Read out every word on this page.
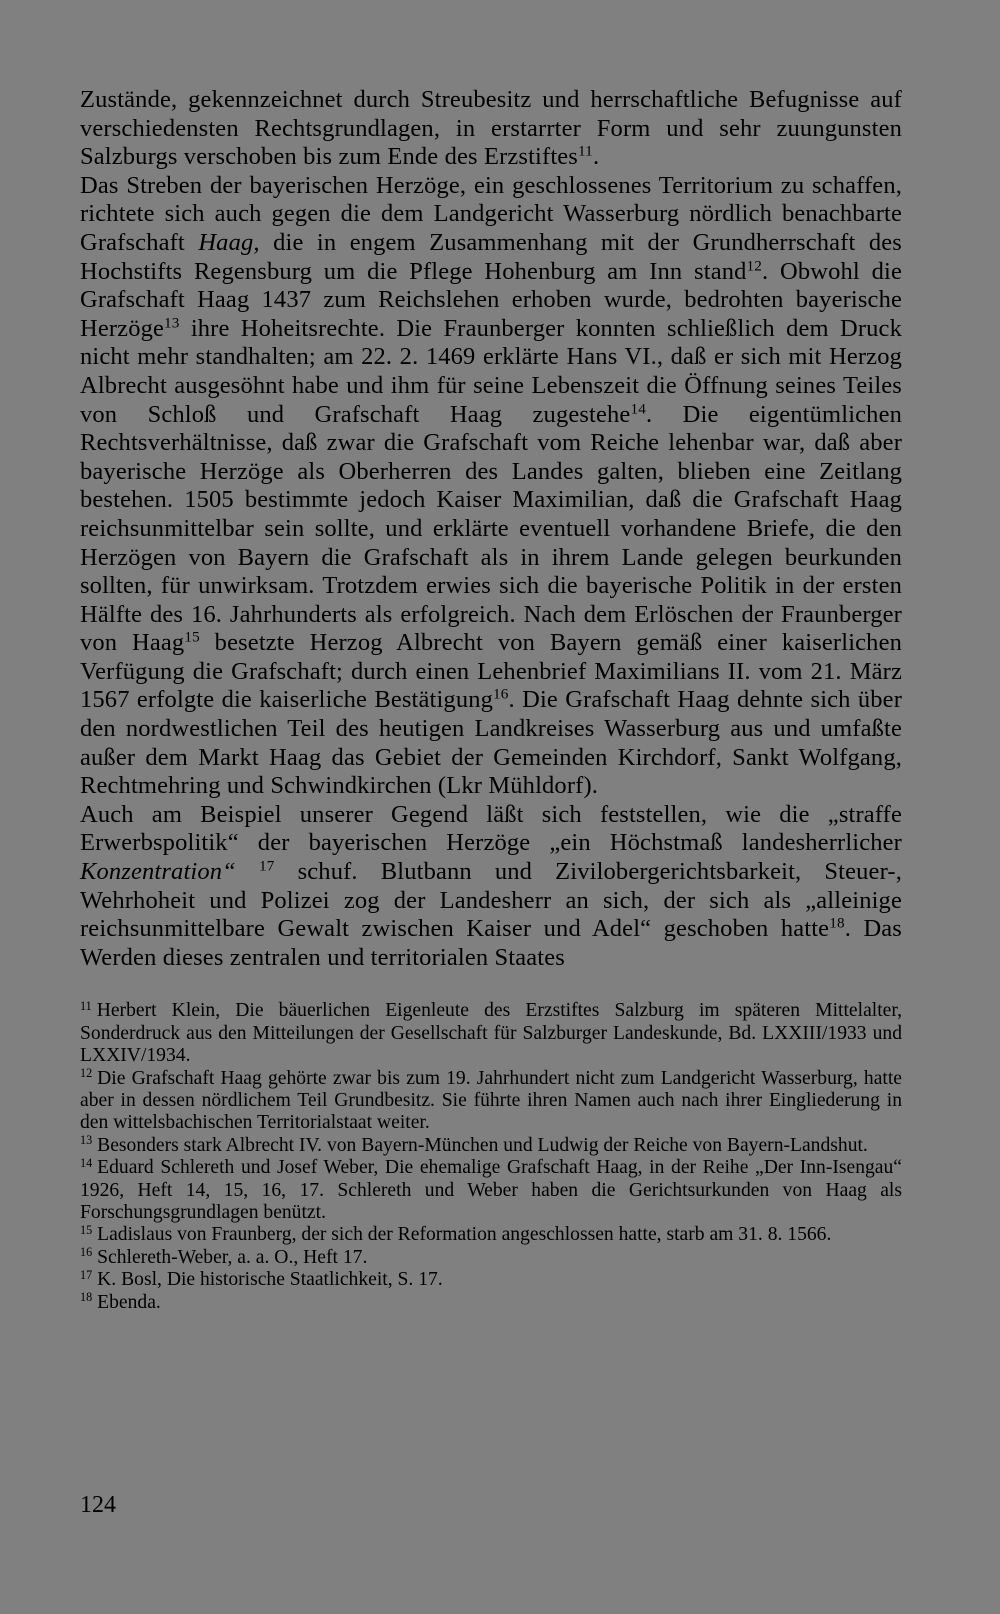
Zustände, gekennzeichnet durch Streubesitz und herrschaftliche Befugnisse auf verschiedensten Rechtsgrundlagen, in erstarrter Form und sehr zuungunsten Salzburgs verschoben bis zum Ende des Erzstiftes$^{11}$.

Das Streben der bayerischen Herzöge, ein geschlossenes Territorium zu schaffen, richtete sich auch gegen die dem Landgericht Wasserburg nördlich benachbarte Grafschaft Haag, die in engem Zusammenhang mit der Grundherrschaft des Hochstifts Regensburg um die Pflege Hohenburg am Inn stand$^{12}$. Obwohl die Grafschaft Haag 1437 zum Reichslehen erhoben wurde, bedrohten bayerische Herzöge$^{13}$ ihre Hoheitsrechte. Die Fraunberger konnten schließlich dem Druck nicht mehr standhalten; am 22. 2. 1469 erklärte Hans VI., daß er sich mit Herzog Albrecht ausgesöhnt habe und ihm für seine Lebenszeit die Öffnung seines Teiles von Schloß und Grafschaft Haag zugestehe$^{14}$. Die eigentümlichen Rechtsverhältnisse, daß zwar die Grafschaft vom Reiche lehenbar war, daß aber bayerische Herzöge als Oberherren des Landes galten, blieben eine Zeitlang bestehen. 1505 bestimmte jedoch Kaiser Maximilian, daß die Grafschaft Haag reichsunmittelbar sein sollte, und erklärte eventuell vorhandene Briefe, die den Herzögen von Bayern die Grafschaft als in ihrem Lande gelegen beurkunden sollten, für unwirksam. Trotzdem erwies sich die bayerische Politik in der ersten Hälfte des 16. Jahrhunderts als erfolgreich. Nach dem Erlöschen der Fraunberger von Haag$^{15}$ besetzte Herzog Albrecht von Bayern gemäß einer kaiserlichen Verfügung die Grafschaft; durch einen Lehenbrief Maximilians II. vom 21. März 1567 erfolgte die kaiserliche Bestätigung$^{16}$. Die Grafschaft Haag dehnte sich über den nordwestlichen Teil des heutigen Landkreises Wasserburg aus und umfaßte außer dem Markt Haag das Gebiet der Gemeinden Kirchdorf, Sankt Wolfgang, Rechtmehring und Schwindkirchen (Lkr Mühldorf).

Auch am Beispiel unserer Gegend läßt sich feststellen, wie die „straffe Erwerbspolitik“ der bayerischen Herzöge „ein Höchstmaß landesherrlicher Konzentration“ $^{17}$ schuf. Blutbann und Zivilobergerichtsbarkeit, Steuer-, Wehrhoheit und Polizei zog der Landesherr an sich, der sich als „alleinige reichsunmittelbare Gewalt zwischen Kaiser und Adel“ geschoben hatte$^{18}$. Das Werden dieses zentralen und territorialen Staates

$^{11}$ Herbert Klein, Die bäuerlichen Eigenleute des Erzstiftes Salzburg im späteren Mittelalter, Sonderdruck aus den Mitteilungen der Gesellschaft für Salzburger Landeskunde, Bd. LXXIII/1933 und LXXIV/1934.

$^{12}$ Die Grafschaft Haag gehörte zwar bis zum 19. Jahrhundert nicht zum Landgericht Wasserburg, hatte aber in dessen nördlichem Teil Grundbesitz. Sie führte ihren Namen auch nach ihrer Eingliederung in den wittelsbachischen Territorialstaat weiter.

$^{13}$ Besonders stark Albrecht IV. von Bayern-München und Ludwig der Reiche von Bayern-Landshut.

$^{14}$ Eduard Schlereth und Josef Weber, Die ehemalige Grafschaft Haag, in der Reihe „Der Inn-Isengau“ 1926, Heft 14, 15, 16, 17. Schlereth und Weber haben die Gerichtsurkunden von Haag als Forschungsgrundlagen benützt.

$^{15}$ Ladislaus von Fraunberg, der sich der Reformation angeschlossen hatte, starb am 31. 8. 1566.

$^{16}$ Schlereth-Weber, a. a. O., Heft 17.

$^{17}$ K. Bosl, Die historische Staatlichkeit, S. 17.

$^{18}$ Ebenda.

124
